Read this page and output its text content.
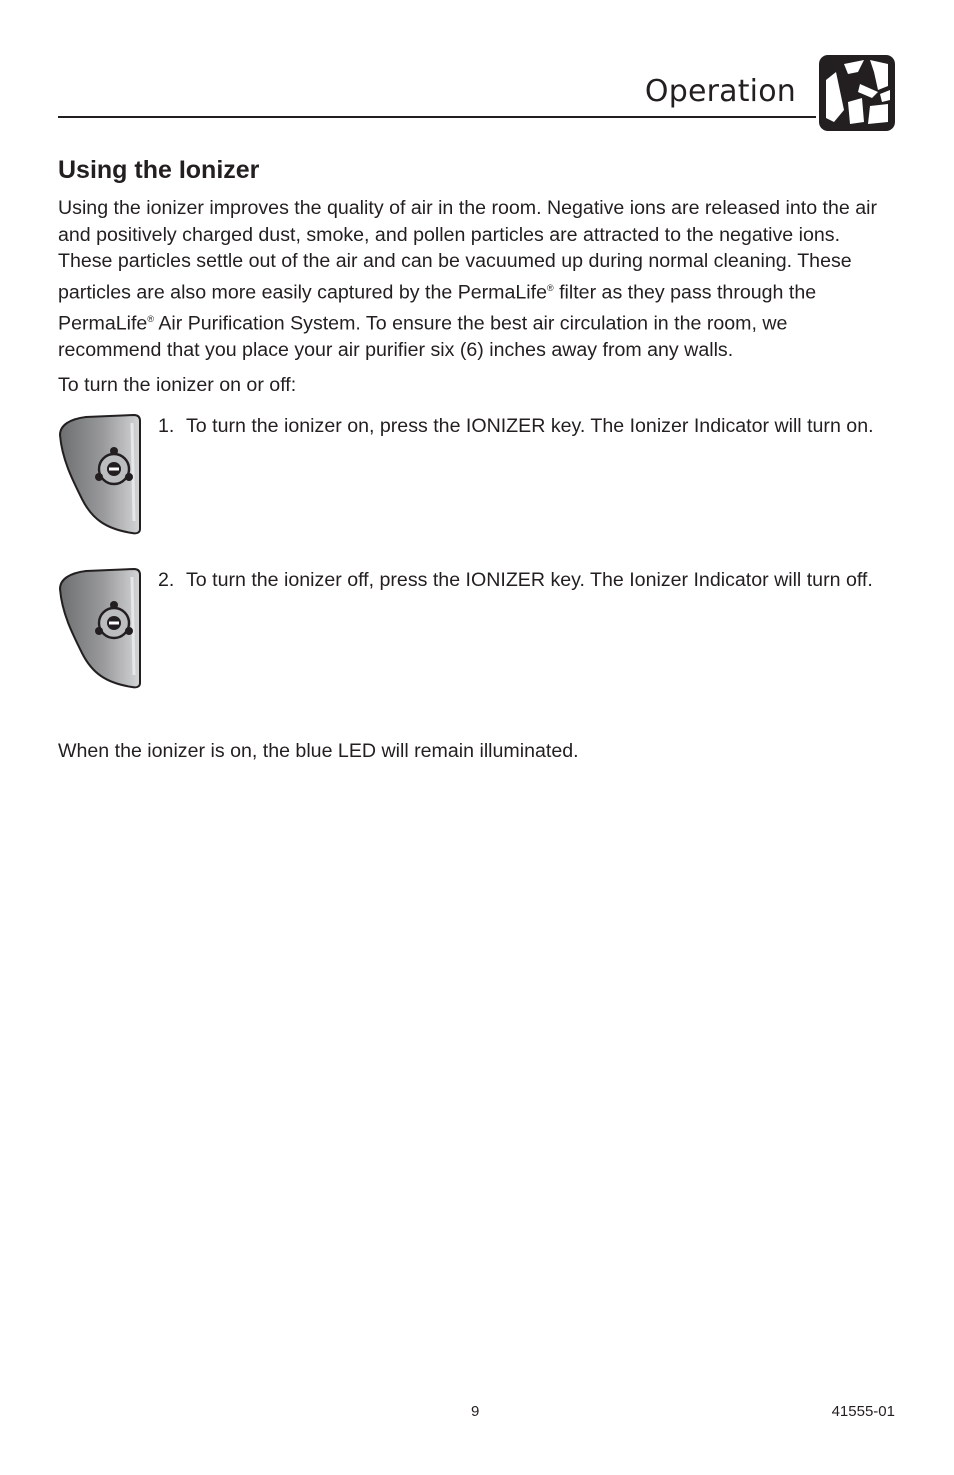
Operation
Using the Ionizer

Using the ionizer improves the quality of air in the room. Negative ions are released into the air and positively charged dust, smoke, and pollen particles are attracted to the negative ions. These particles settle out of the air and can be vacuumed up during normal cleaning. These particles are also more easily captured by the PermaLife® filter as they pass through the PermaLife® Air Purification System. To ensure the best air circulation in the room, we recommend that you place your air purifier six (6) inches away from any walls.

To turn the ionizer on or off:

1. To turn the ionizer on, press the IONIZER key. The Ionizer Indicator will turn on.
2. To turn the ionizer off, press the IONIZER key. The Ionizer Indicator will turn off.

When the ionizer is on, the blue LED will remain illuminated.

9	41555-01
